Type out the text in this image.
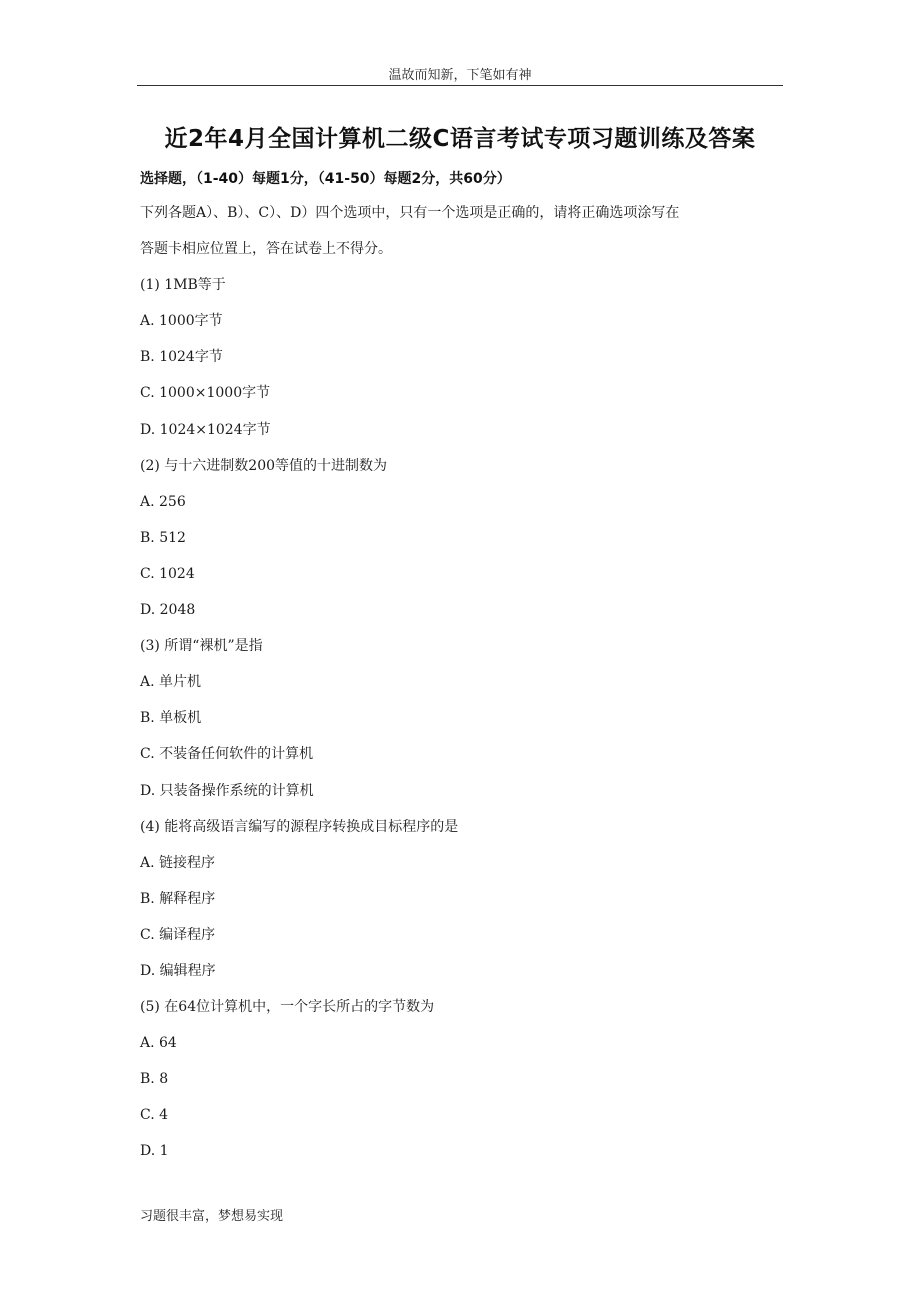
温故而知新，下笔如有神
近2年4月全国计算机二级C语言考试专项习题训练及答案
选择题，（1-40）每题1分，（41-50）每题2分，共60分）
下列各题A）、B）、C）、D）四个选项中，只有一个选项是正确的，请将正确选项涂写在
答题卡相应位置上，答在试卷上不得分。
(1) 1MB等于
A. 1000字节
B. 1024字节
C. 1000×1000字节
D. 1024×1024字节
(2) 与十六进制数200等值的十进制数为
A. 256
B. 512
C. 1024
D. 2048
(3) 所谓“裸机”是指
A. 单片机
B. 单板机
C. 不装备任何软件的计算机
D. 只装备操作系统的计算机
(4) 能将高级语言编写的源程序转换成目标程序的是
A. 链接程序
B. 解释程序
C. 编译程序
D. 编辑程序
(5) 在64位计算机中，一个字长所占的字节数为
A. 64
B. 8
C. 4
D. 1
习题很丰富，梦想易实现
